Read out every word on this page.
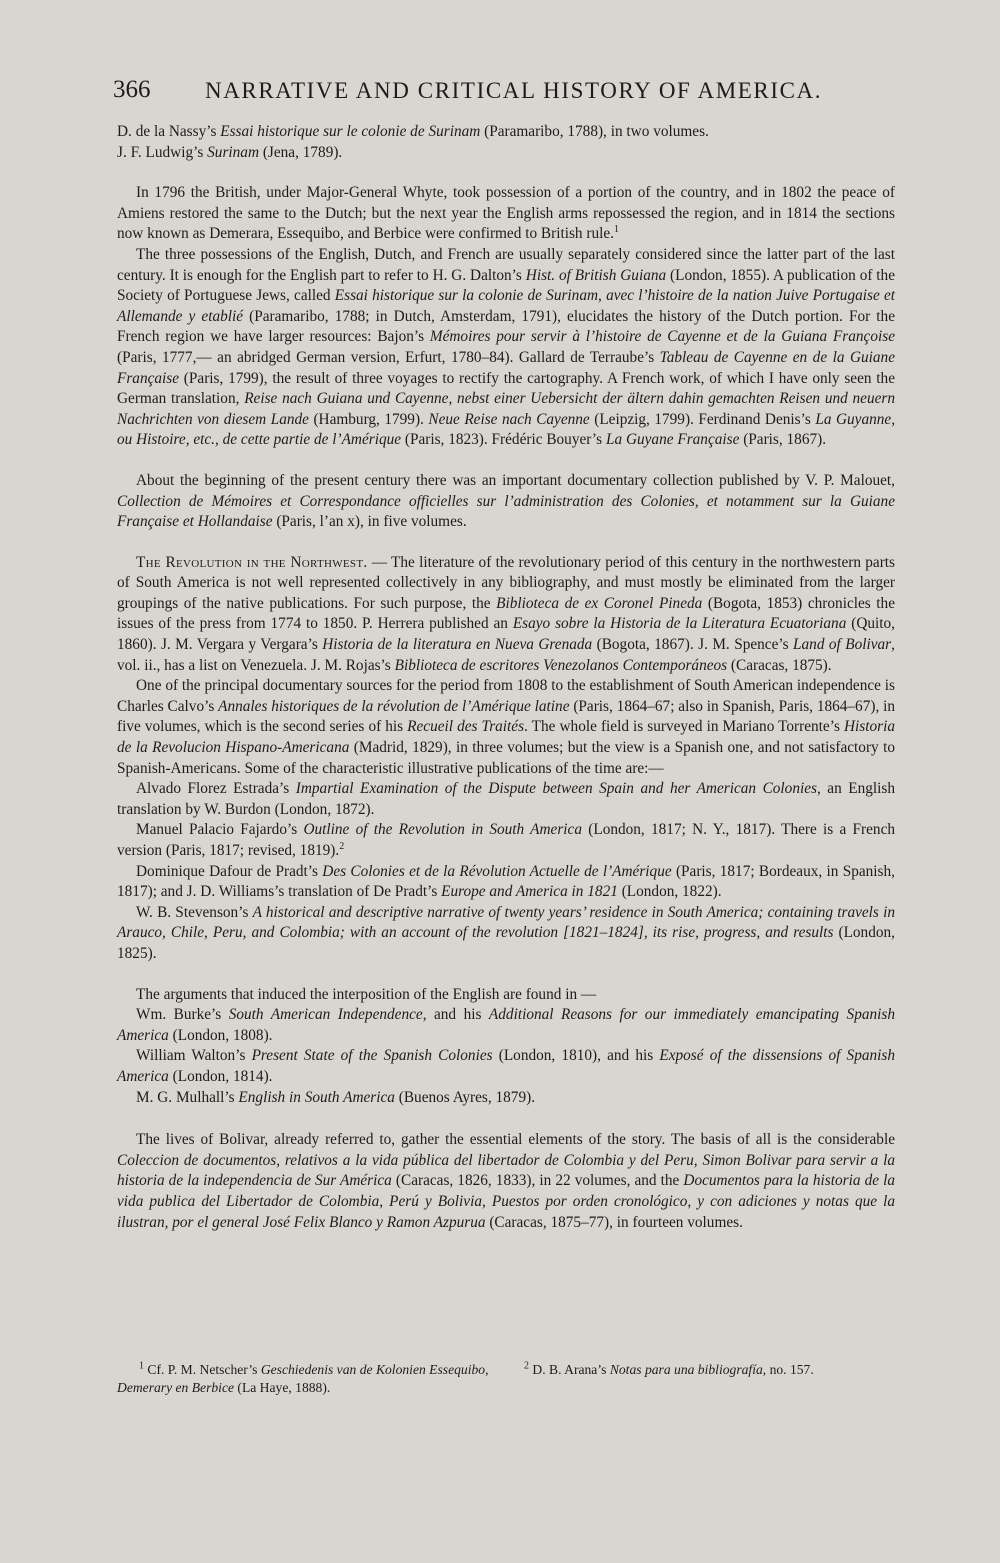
366 NARRATIVE AND CRITICAL HISTORY OF AMERICA.

D. de la Nassy’s Essai historique sur le colonie de Surinam (Paramaribo, 1788), in two volumes.

J. F. Ludwig’s Surinam (Jena, 1789).

In 1796 the British, under Major-General Whyte, took possession of a portion of the country, and in 1802 the peace of Amiens restored the same to the Dutch; but the next year the English arms repossessed the region, and in 1814 the sections now known as Demerara, Essequibo, and Berbice were confirmed to British rule.$^1$

The three possessions of the English, Dutch, and French are usually separately considered since the latter part of the last century. It is enough for the English part to refer to H. G. Dalton’s Hist. of British Guiana (London, 1855). A publication of the Society of Portuguese Jews, called Essai historique sur la colonie de Surinam, avec l’histoire de la nation Juive Portugaise et Allemande y etablié (Paramaribo, 1788; in Dutch, Amsterdam, 1791), elucidates the history of the Dutch portion. For the French region we have larger resources: Bajon’s Mémoires pour servir à l’histoire de Cayenne et de la Guiana Françoise (Paris, 1777,— an abridged German version, Erfurt, 1780–84). Gallard de Terraube’s Tableau de Cayenne en de la Guiane Française (Paris, 1799), the result of three voyages to rectify the cartography. A French work, of which I have only seen the German translation, Reise nach Guiana und Cayenne, nebst einer Uebersicht der ältern dahin gemachten Reisen und neuern Nachrichten von diesem Lande (Hamburg, 1799). Neue Reise nach Cayenne (Leipzig, 1799). Ferdinand Denis’s La Guyanne, ou Histoire, etc., de cette partie de l’Amérique (Paris, 1823). Frédéric Bouyer’s La Guyane Française (Paris, 1867).

About the beginning of the present century there was an important documentary collection published by V. P. Malouet, Collection de Mémoires et Correspondance officielles sur l’administration des Colonies, et notamment sur la Guiane Française et Hollandaise (Paris, l’an x), in five volumes.

The Revolution in the Northwest. — The literature of the revolutionary period of this century in the northwestern parts of South America is not well represented collectively in any bibliography, and must mostly be eliminated from the larger groupings of the native publications. For such purpose, the Biblioteca de ex Coronel Pineda (Bogota, 1853) chronicles the issues of the press from 1774 to 1850. P. Herrera published an Esayo sobre la Historia de la Literatura Ecuatoriana (Quito, 1860). J. M. Vergara y Vergara’s Historia de la literatura en Nueva Grenada (Bogota, 1867). J. M. Spence’s Land of Bolivar, vol. ii., has a list on Venezuela. J. M. Rojas’s Biblioteca de escritores Venezolanos Contemporáneos (Caracas, 1875).

One of the principal documentary sources for the period from 1808 to the establishment of South American independence is Charles Calvo’s Annales historiques de la révolution de l’Amérique latine (Paris, 1864–67; also in Spanish, Paris, 1864–67), in five volumes, which is the second series of his Recueil des Traités. The whole field is surveyed in Mariano Torrente’s Historia de la Revolucion Hispano-Americana (Madrid, 1829), in three volumes; but the view is a Spanish one, and not satisfactory to Spanish-Americans. Some of the characteristic illustrative publications of the time are:—

Alvado Florez Estrada’s Impartial Examination of the Dispute between Spain and her American Colonies, an English translation by W. Burdon (London, 1872).

Manuel Palacio Fajardo’s Outline of the Revolution in South America (London, 1817; N. Y., 1817). There is a French version (Paris, 1817; revised, 1819).$^2$

Dominique Dafour de Pradt’s Des Colonies et de la Révolution Actuelle de l’Amérique (Paris, 1817; Bordeaux, in Spanish, 1817); and J. D. Williams’s translation of De Pradt’s Europe and America in 1821 (London, 1822).

W. B. Stevenson’s A historical and descriptive narrative of twenty years’ residence in South America; containing travels in Arauco, Chile, Peru, and Colombia; with an account of the revolution [1821–1824], its rise, progress, and results (London, 1825).

The arguments that induced the interposition of the English are found in —

Wm. Burke’s South American Independence, and his Additional Reasons for our immediately emancipating Spanish America (London, 1808).

William Walton’s Present State of the Spanish Colonies (London, 1810), and his Exposé of the dissensions of Spanish America (London, 1814).

M. G. Mulhall’s English in South America (Buenos Ayres, 1879).

The lives of Bolivar, already referred to, gather the essential elements of the story. The basis of all is the considerable Coleccion de documentos, relativos a la vida pública del libertador de Colombia y del Peru, Simon Bolivar para servir a la historia de la independencia de Sur América (Caracas, 1826, 1833), in 22 volumes, and the Documentos para la historia de la vida publica del Libertador de Colombia, Perú y Bolivia, Puestos por orden cronológico, y con adiciones y notas que la ilustran, por el general José Felix Blanco y Ramon Azpurua (Caracas, 1875–77), in fourteen volumes.

$^1$ Cf. P. M. Netscher’s Geschiedenis van de Kolonien Essequibo, Demerary en Berbice (La Haye, 1888).
$^2$ D. B. Arana’s Notas para una bibliografía, no. 157.
